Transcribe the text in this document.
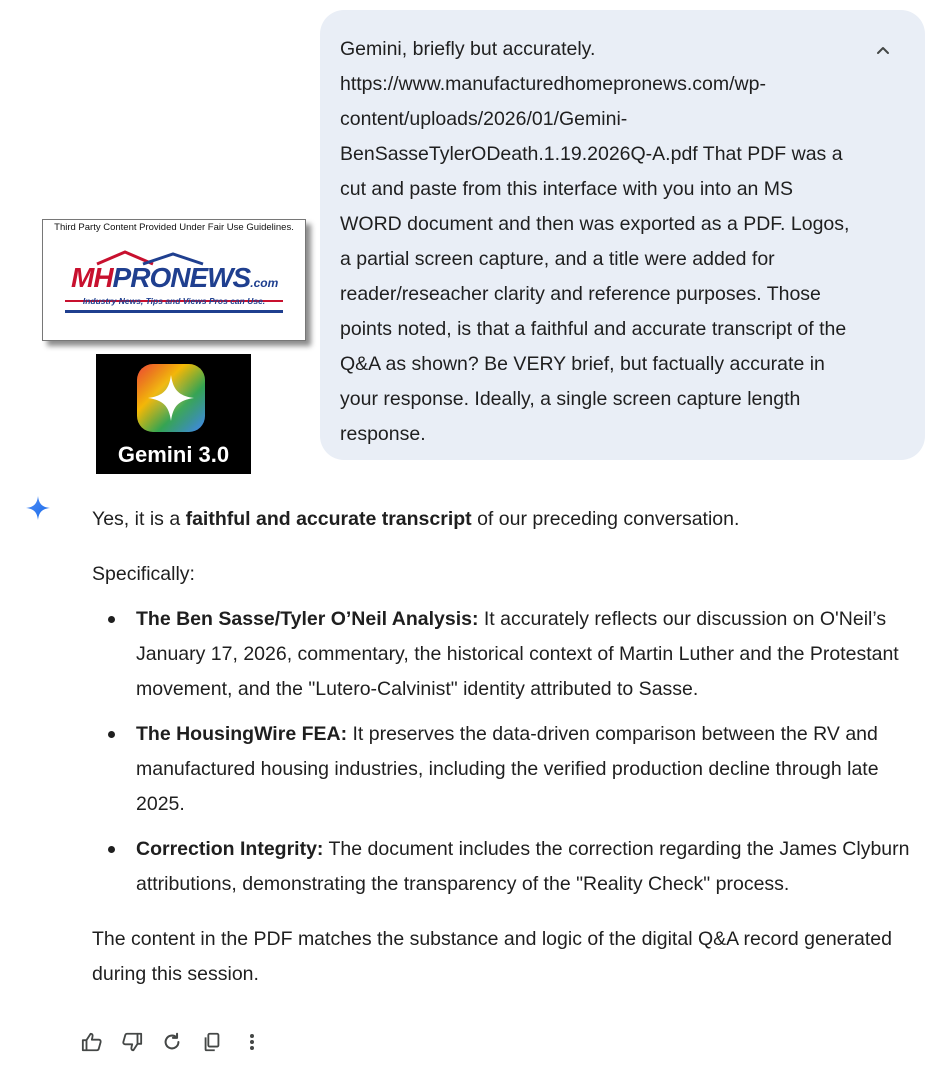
Gemini, briefly but accurately. https://www.manufacturedhomepronews.com/wp-content/uploads/2026/01/Gemini-BenSasseTylerODeath.1.19.2026Q-A.pdf That PDF was a cut and paste from this interface with you into an MS WORD document and then was exported as a PDF. Logos, a partial screen capture, and a title were added for reader/reseacher clarity and reference purposes. Those points noted, is that a faithful and accurate transcript of the Q&A as shown? Be VERY brief, but factually accurate in your response. Ideally, a single screen capture length response.
Third Party Content Provided Under Fair Use Guidelines.
MHPRONEWS.com
Industry News, Tips and Views Pros can Use.
Gemini 3.0

Yes, it is a faithful and accurate transcript of our preceding conversation.

Specifically:

The Ben Sasse/Tyler O’Neil Analysis: It accurately reflects our discussion on O'Neil’s
January 17, 2026, commentary, the historical context of Martin Luther and the Protestant
movement, and the "Lutero-Calvinist" identity attributed to Sasse.
The HousingWire FEA: It preserves the data-driven comparison between the RV and
manufactured housing industries, including the verified production decline through late
2025.
Correction Integrity: The document includes the correction regarding the James Clyburn
attributions, demonstrating the transparency of the "Reality Check" process.

The content in the PDF matches the substance and logic of the digital Q&A record generated
during this session.
